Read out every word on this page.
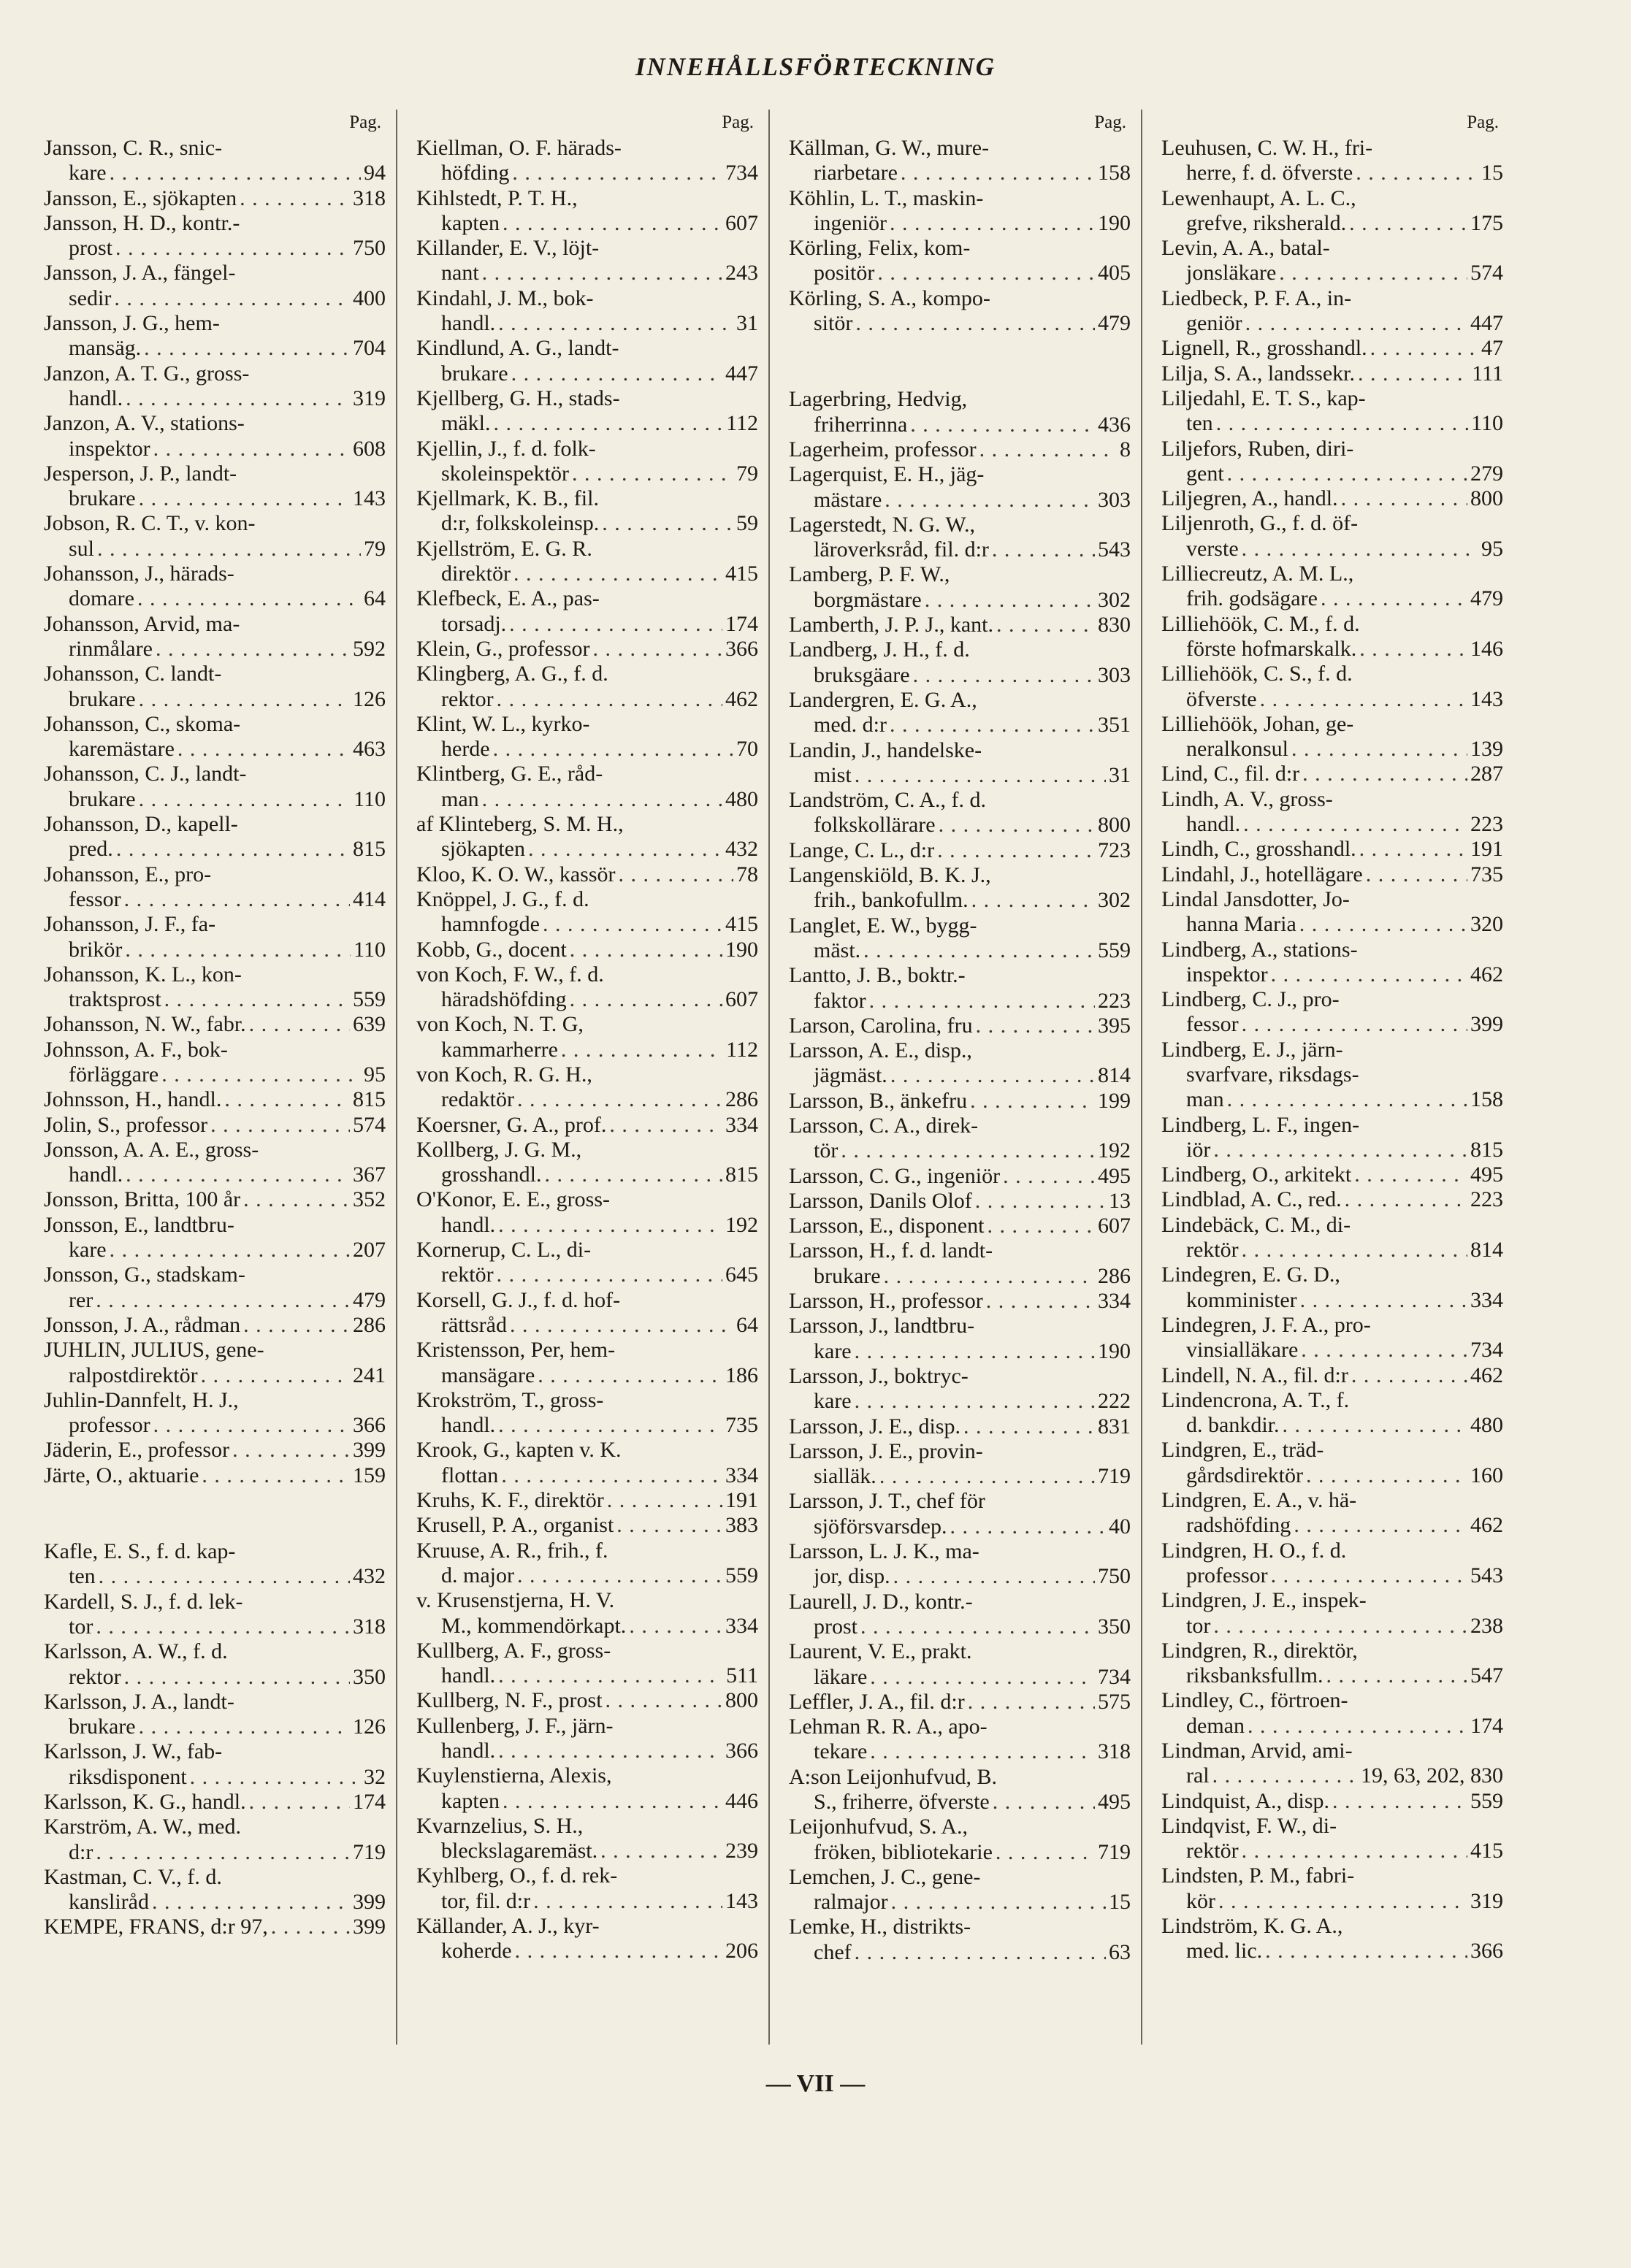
INNEHÅLLSFÖRTECKNING
Pag.
Jansson, C. R., snic-
kare . . .	94
Jansson, E., sjökapten . . .	318
Jansson, H. D., kontr.-
prost . . .	750
Jansson, J. A., fängel-
sedir . . .	400
Jansson, J. G., hem-
mansäg. . . .	704
Janzon, A. T. G., gross-
handl. . . .	319
Janzon, A. V., stations-
inspektor . . .	608
Jesperson, J. P., landt-
brukare . . .	143
Jobson, R. C. T., v. kon-
sul . . .	79
Johansson, J., härads-
domare . . .	64
Johansson, Arvid, ma-
rinmålare . . .	592
Johansson, C. landt-
brukare . . .	126
Johansson, C., skoma-
karemästare . . .	463
Johansson, C. J., landt-
brukare . . .	110
Johansson, D., kapell-
pred. . . .	815
Johansson, E., pro-
fessor . . .	414
Johansson, J. F., fa-
brikör . . .	110
Johansson, K. L., kon-
traktsprost . . .	559
Johansson, N. W., fabr. . . .	639
Johnsson, A. F., bok-
förläggare . . .	95
Johnsson, H., handl. . . .	815
Jolin, S., professor . . .	574
Jonsson, A. A. E., gross-
handl. . . .	367
Jonsson, Britta, 100 år . . .	352
Jonsson, E., landtbru-
kare . . .	207
Jonsson, G., stadskam-
rer . . .	479
Jonsson, J. A., rådman . . .	286
JUHLIN, JULIUS, gene-
ralpostdirektör . . .	241
Juhlin-Dannfelt, H. J.,
professor . . .	366
Jäderin, E., professor . . .	399
Järte, O., aktuarie . . .	159
Kafle, E. S., f. d. kap-
ten . . .	432
Kardell, S. J., f. d. lek-
tor . . .	318
Karlsson, A. W., f. d.
rektor . . .	350
Karlsson, J. A., landt-
brukare . . .	126
Karlsson, J. W., fab-
riksdisponent . . .	32
Karlsson, K. G., handl. . . .	174
Karström, A. W., med.
d:r . . .	719
Kastman, C. V., f. d.
kanslіråd . . .	399
KEMPE, FRANS, d:r 97, . . .	399
Pag.
Kiellman, O. F. härads-
höfding . . .	734
Kihlstedt, P. T. H.,
kapten . . .	607
Killander, E. V., löjt-
nant . . .	243
Kindahl, J. M., bok-
handl. . . .	31
Kindlund, A. G., landt-
brukare . . .	447
Kjellberg, G. H., stads-
mäkl. . . .	112
Kjellin, J., f. d. folk-
skoleinspektör . . .	79
Kjellmark, K. B., fil.
d:r, folkskoleinsp. . . .	59
Kjellström, E. G. R.
direktör . . .	415
Klefbeck, E. A., pas-
torsadj. . . .	174
Klein, G., professor . . .	366
Klingberg, A. G., f. d.
rektor . . .	462
Klint, W. L., kyrko-
herde . . .	70
Klintberg, G. E., råd-
man . . .	480
af Klinteberg, S. M. H.,
sjökapten . . .	432
Kloo, K. O. W., kassör . . .	78
Knöppel, J. G., f. d.
hamnfogde . . .	415
Kobb, G., docent . . .	190
von Koch, F. W., f. d.
häradshöfding . . .	607
von Koch, N. T. G,
kammarherre . . .	112
von Koch, R. G. H.,
redaktör . . .	286
Koersner, G. A., prof. . . .	334
Kollberg, J. G. M.,
grosshandl. . . .	815
O'Konor, E. E., gross-
handl. . . .	192
Kornerup, C. L., di-
rektör . . .	645
Korsell, G. J., f. d. hof-
rättsråd . . .	64
Kristensson, Per, hem-
mansägare . . .	186
Krokström, T., gross-
handl. . . .	735
Krook, G., kapten v. K.
flottan . . .	334
Kruhs, K. F., direktör . . .	191
Krusell, P. A., organist . . .	383
Kruuse, A. R., frih., f.
d. major . . .	559
v. Krusenstjerna, H. V.
M., kommendörkapt. . . .	334
Kullberg, A. F., gross-
handl. . . .	511
Kullberg, N. F., prost . . .	800
Kullenberg, J. F., järn-
handl. . . .	366
Kuylenstierna, Alexis,
kapten . . .	446
Kvarnzelius, S. H.,
bleckslagaremäst. . . .	239
Kyhlberg, O., f. d. rek-
tor, fil. d:r . . .	143
Källander, A. J., kyr-
koherde . . .	206
Pag.
Källman, G. W., mure-
riarbetare . . .	158
Köhlin, L. T., maskin-
ingeniör . . .	190
Körling, Felix, kom-
positör . . .	405
Körling, S. A., kompo-
sitör . . .	479
Lagerbring, Hedvig,
friherrinna . . .	436
Lagerheim, professor . . .	8
Lagerquist, E. H., jäg-
mästare . . .	303
Lagerstedt, N. G. W.,
läroverksråd, fil. d:r . . .	543
Lamberg, P. F. W.,
borgmästare . . .	302
Lamberth, J. P. J., kant. . . .	830
Landberg, J. H., f. d.
bruksgäare . . .	303
Landergren, E. G. A.,
med. d:r . . .	351
Landin, J., handelske-
mist . . .	31
Landström, C. A., f. d.
folkskollärare . . .	800
Lange, C. L., d:r . . .	723
Langenskiöld, B. K. J.,
frih., bankofullm. . . .	302
Langlet, E. W., bygg-
mäst. . . .	559
Lantto, J. B., boktr.-
faktor . . .	223
Larson, Carolina, fru . . .	395
Larsson, A. E., disp.,
jägmäst. . . .	814
Larsson, B., änkefru . . .	199
Larsson, C. A., direk-
tör . . .	192
Larsson, C. G., ingeniör . . .	495
Larsson, Danils Olof . . .	13
Larsson, E., disponent . . .	607
Larsson, H., f. d. landt-
brukare . . .	286
Larsson, H., professor . . .	334
Larsson, J., landtbru-
kare . . .	190
Larsson, J., boktryc-
kare . . .	222
Larsson, J. E., disp. . . .	831
Larsson, J. E., provin-
sialläk. . . .	719
Larsson, J. T., chef för
sjöförsvarsdep. . . .	40
Larsson, L. J. K., ma-
jor, disp. . . .	750
Laurell, J. D., kontr.-
prost . . .	350
Laurent, V. E., prakt.
läkare . . .	734
Leffler, J. A., fil. d:r . . .	575
Lehman R. R. A., apo-
tekare . . .	318
A:son Leijonhufvud, B.
S., friherre, öfverste . . .	495
Leijonhufvud, S. A.,
fröken, bibliotekarie . . .	719
Lemchen, J. C., gene-
ralmajor . . .	15
Lemke, H., distrikts-
chef . . .	63
Pag.
Leuhusen, C. W. H., fri-
herre, f. d. öfverste . . .	15
Lewenhaupt, A. L. C.,
grefve, riksherald. . . .	175
Levin, A. A., batal-
jonsläkare . . .	574
Liedbeck, P. F. A., in-
geniör . . .	447
Lignell, R., grosshandl. . . .	47
Lilja, S. A., landssekr. . . .	111
Liljedahl, E. T. S., kap-
ten . . .	110
Liljefors, Ruben, diri-
gent . . .	279
Liljegren, A., handl. . . .	800
Liljenroth, G., f. d. öf-
verste . . .	95
Lilliecreutz, A. M. L.,
frih. godsägare . . .	479
Lilliehöök, C. M., f. d.
förste hofmarskalk. . . .	146
Lilliehöök, C. S., f. d.
öfverste . . .	143
Lilliehöök, Johan, ge-
neralkonsul . . .	139
Lind, C., fil. d:r . . .	287
Lindh, A. V., gross-
handl. . . .	223
Lindh, C., grosshandl. . . .	191
Lindahl, J., hotellägare . . .	735
Lindal Jansdotter, Jo-
hanna Maria . . .	320
Lindberg, A., stations-
inspektor . . .	462
Lindberg, C. J., pro-
fessor . . .	399
Lindberg, E. J., järn-
svarfvare, riksdags-
man . . .	158
Lindberg, L. F., ingen-
iör . . .	815
Lindberg, O., arkitekt . . .	495
Lindblad, A. C., red. . . .	223
Lindebäck, C. M., di-
rektör . . .	814
Lindegren, E. G. D.,
komminister . . .	334
Lindegren, J. F. A., pro-
vinsialläkare . . .	734
Lindell, N. A., fil. d:r . . .	462
Lindencrona, A. T., f.
d. bankdir. . . .	480
Lindgren, E., träd-
gårdsdirektör . . .	160
Lindgren, E. A., v. hä-
radshöfding . . .	462
Lindgren, H. O., f. d.
professor . . .	543
Lindgren, J. E., inspek-
tor . . .	238
Lindgren, R., direktör,
riksbanksfullm. . . .	547
Lindley, C., förtroen-
deman . . .	174
Lindman, Arvid, ami-
ral . . .	19, 63, 202, 830
Lindquist, A., disp. . . .	559
Lindqvist, F. W., di-
rektör . . .	415
Lindsten, P. M., fabri-
kör . . .	319
Lindström, K. G. A.,
med. lic. . . .	366
— VII —
